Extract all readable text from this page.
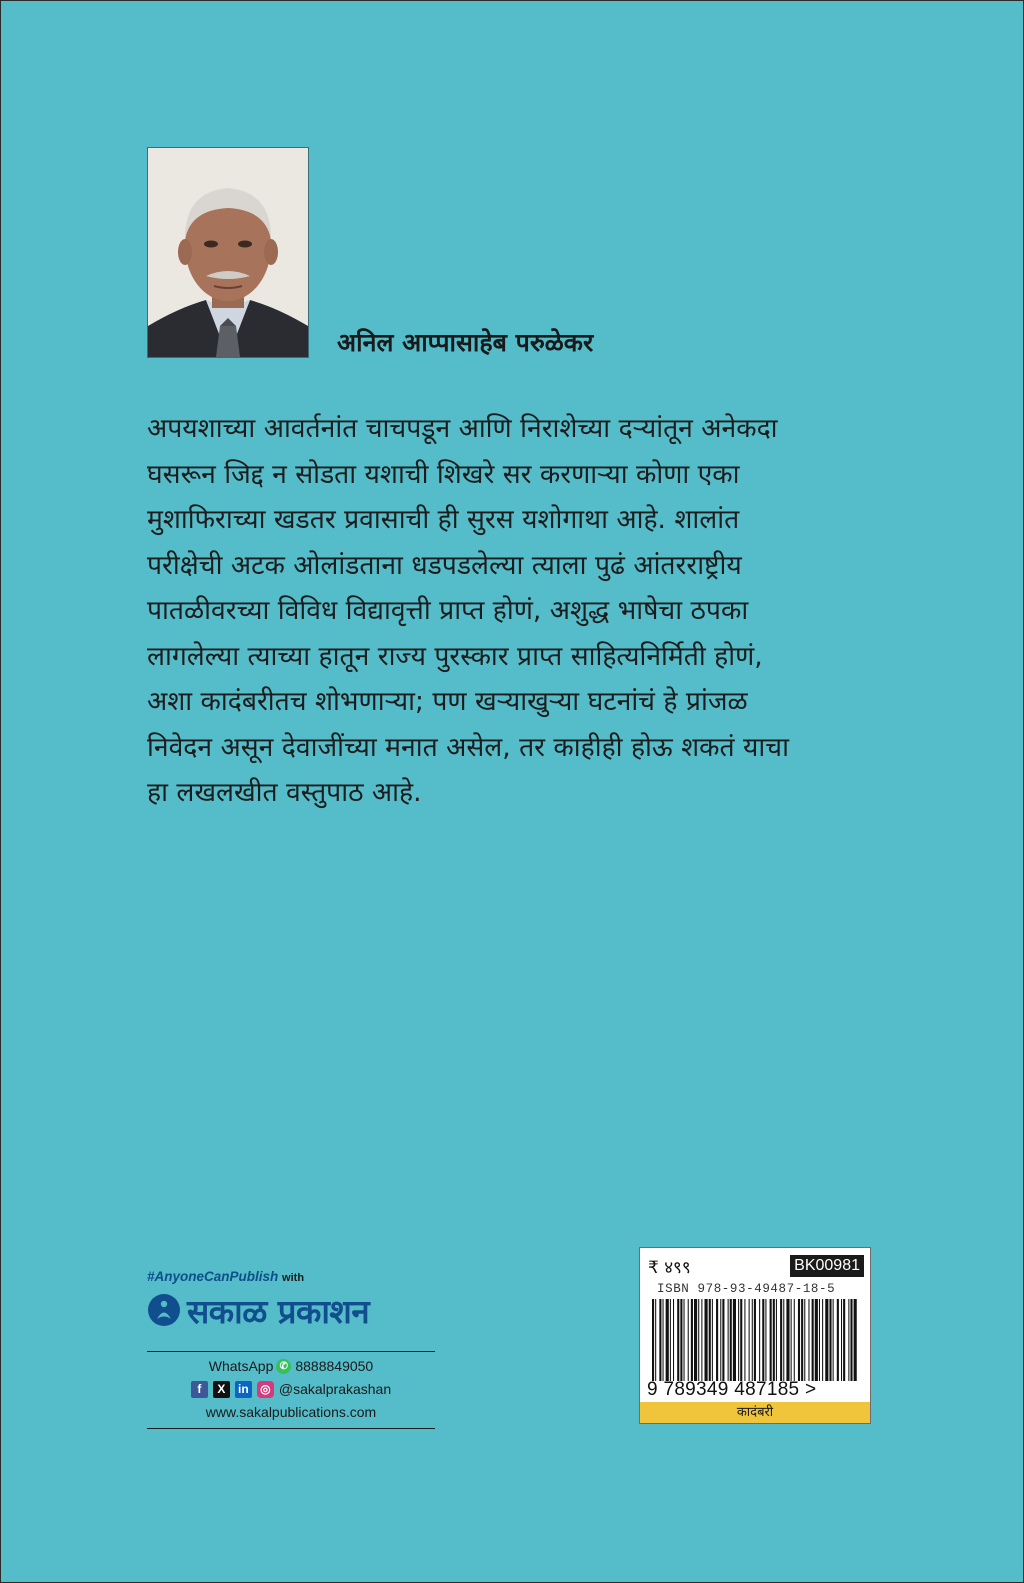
अनिल आप्पासाहेब परुळेकर
अपयशाच्या आवर्तनांत चाचपडून आणि निराशेच्या दऱ्यांतून अनेकदा
घसरून जिद्द न सोडता यशाची शिखरे सर करणाऱ्या कोणा एका
मुशाफिराच्या खडतर प्रवासाची ही सुरस यशोगाथा आहे. शालांत
परीक्षेची अटक ओलांडताना धडपडलेल्या त्याला पुढं आंतरराष्ट्रीय
पातळीवरच्या विविध विद्यावृत्ती प्राप्त होणं, अशुद्ध भाषेचा ठपका
लागलेल्या त्याच्या हातून राज्य पुरस्कार प्राप्त साहित्यनिर्मिती होणं,
अशा कादंबरीतच शोभणाऱ्या; पण खऱ्याखुऱ्या घटनांचं हे प्रांजळ
निवेदन असून देवाजींच्या मनात असेल, तर काहीही होऊ शकतं याचा
हा लखलखीत वस्तुपाठ आहे.
#AnyoneCanPublish with
सकाळ प्रकाशन
WhatsApp ✆ 8888849050
f	X	in ◎ @sakalprakashan
www.sakalpublications.com
₹ ४९९	BK00981
ISBN 978-93-49487-18-5
9 789349 487185 >
कादंबरी
